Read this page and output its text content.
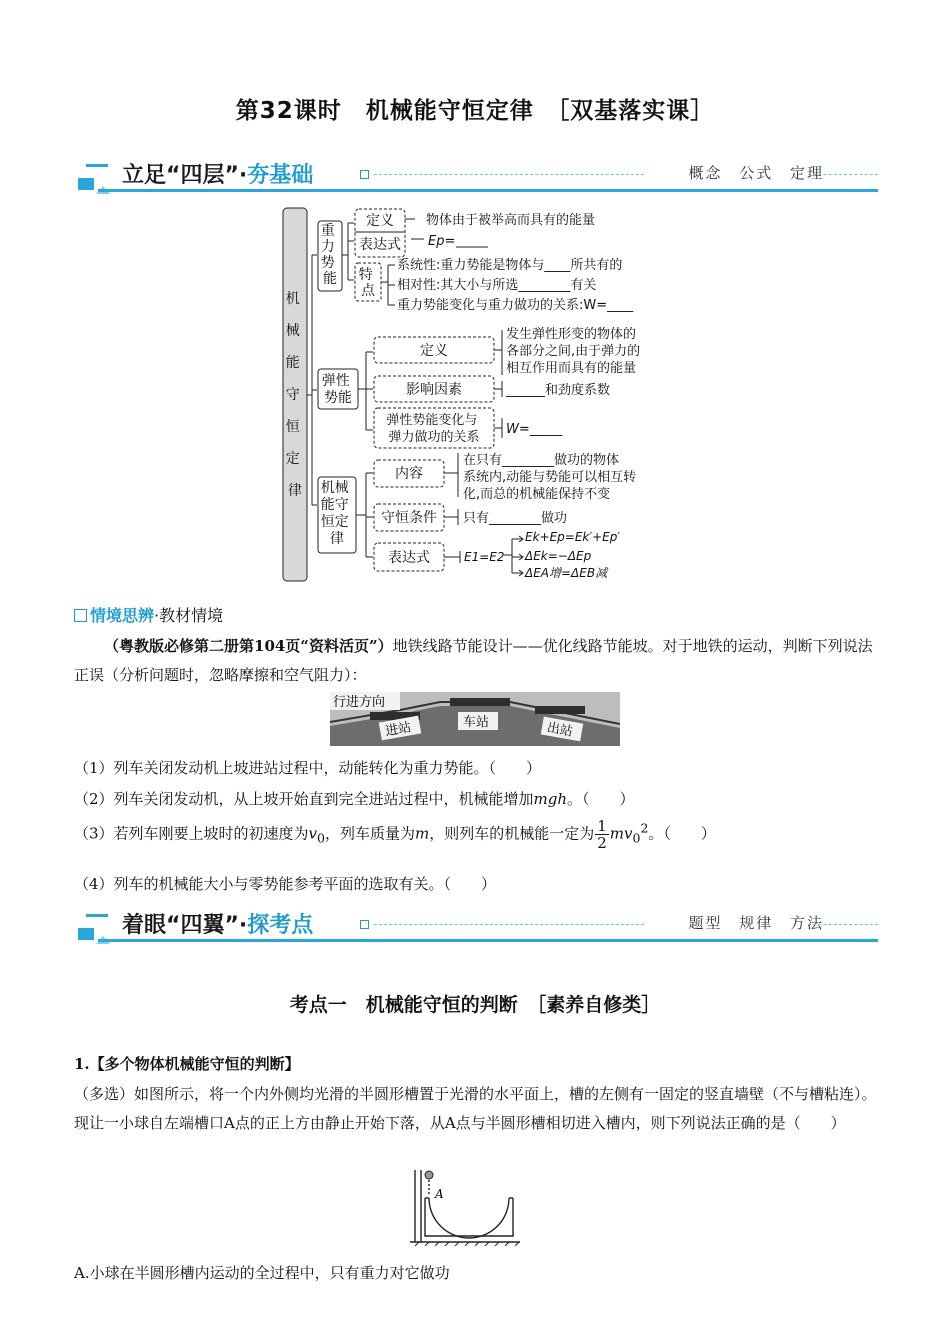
第32课时　机械能守恒定律　［双基落实课］
立足“四层”·夯基础	概念 公式 定理
机 械 能 守 恒 定 律
重 力 势 能
定义
表达式
物体由于被举高而具有的能量
Ep=
特 点
系统性:重力势能是物体与____所共有的
相对性:其大小与所选________有关
重力势能变化与重力做功的关系:W=____
弹性 势能
定义
发生弹性形变的物体的 各部分之间,由于弹力的 相互作用而具有的能量
影响因素	______和劲度系数
弹性势能变化与 弹力做功的关系
W=_____
机械 能守 恒定 律
内容
在只有________做功的物体 系统内,动能与势能可以相互转 化,而总的机械能保持不变
守恒条件 只有________做功
表达式	E1=E2
Ek+Ep=Ek′+Ep′
ΔEk=−ΔEp
ΔEA增=ΔEB减
情境思辨·教材情境
（粤教版必修第二册第104页“资料活页”）地铁线路节能设计——优化线路节能坡。对于地铁的运动，判断下列说法正误（分析问题时，忽略摩擦和空气阻力）：
行进方向
进站	车站	出站
（1）列车关闭发动机上坡进站过程中，动能转化为重力势能。（　　）
（2）列车关闭发动机，从上坡开始直到完全进站过程中，机械能增加mgh。（　　）
（3）若列车刚要上坡时的初速度为$v_0$，列车质量为m，则列车的机械能一定为 $\frac{1}{2} mv_0^2$。（　　）
（4）列车的机械能大小与零势能参考平面的选取有关。（　　）
着眼“四翼”·探考点	题型 规律 方法
考点一　机械能守恒的判断　［素养自修类］
1.【多个物体机械能守恒的判断】
（多选）如图所示，将一个内外侧均光滑的半圆形槽置于光滑的水平面上，槽的左侧有一固定的竖直墙壁（不与槽粘连）。现让一小球自左端槽口A点的正上方由静止开始下落，从A点与半圆形槽相切进入槽内，则下列说法正确的是（　　）
A
A.小球在半圆形槽内运动的全过程中，只有重力对它做功
